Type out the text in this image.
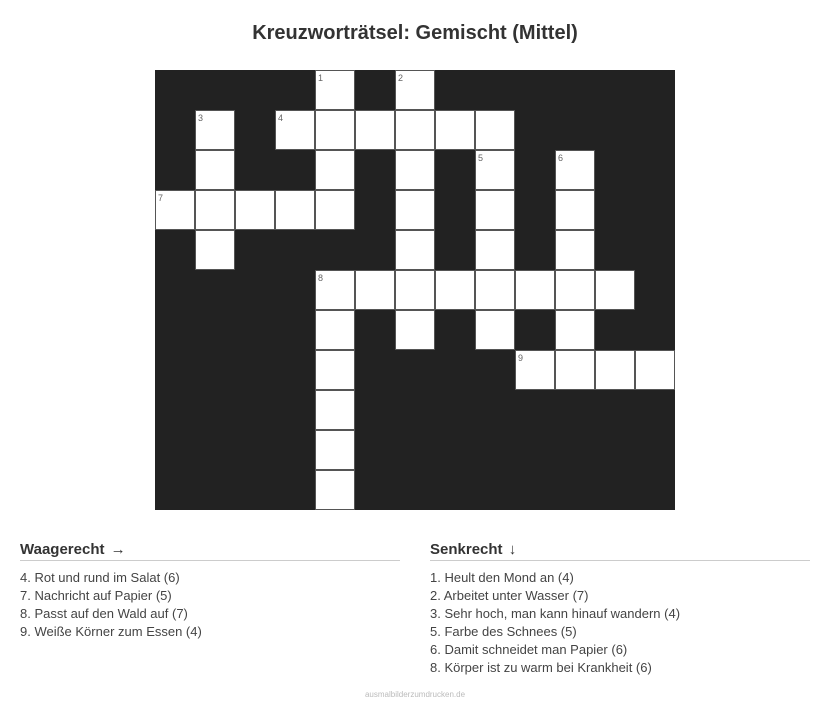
Kreuzworträtsel: Gemischt (Mittel)
1	2
3	4
5	6
7
8
9
Waagerecht →
4. Rot und rund im Salat (6)
7. Nachricht auf Papier (5)
8. Passt auf den Wald auf (7)
9. Weiße Körner zum Essen (4)
Senkrecht ↓
1. Heult den Mond an (4)
2. Arbeitet unter Wasser (7)
3. Sehr hoch, man kann hinauf wandern (4)
5. Farbe des Schnees (5)
6. Damit schneidet man Papier (6)
8. Körper ist zu warm bei Krankheit (6)
ausmalbilderzumdrucken.de
